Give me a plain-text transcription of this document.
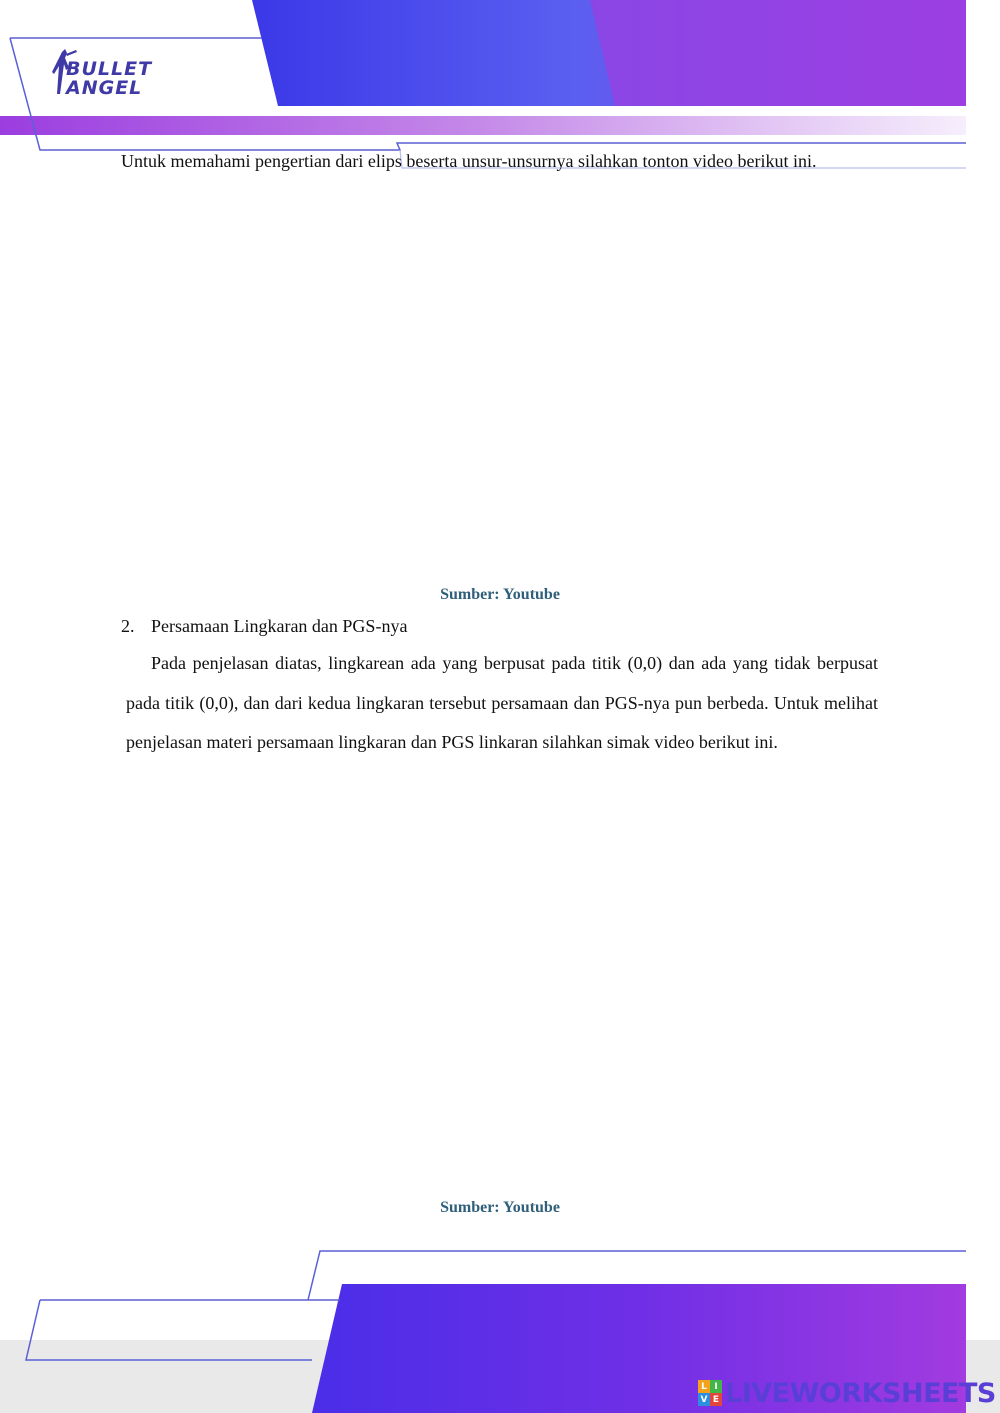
BULLET
ANGEL

Untuk memahami pengertian dari elips beserta unsur-unsurnya silahkan tonton video berikut ini.

Sumber: Youtube
2. Persamaan Lingkaran dan PGS-nya

Pada penjelasan diatas, lingkarean ada yang berpusat pada titik (0,0) dan ada yang tidak berpusat pada titik (0,0), dan dari kedua lingkaran tersebut persamaan dan PGS-nya pun berbeda. Untuk melihat penjelasan materi persamaan lingkaran dan PGS linkaran silahkan simak video berikut ini.

Sumber: Youtube
L I
V E LIVEWORKSHEETS
